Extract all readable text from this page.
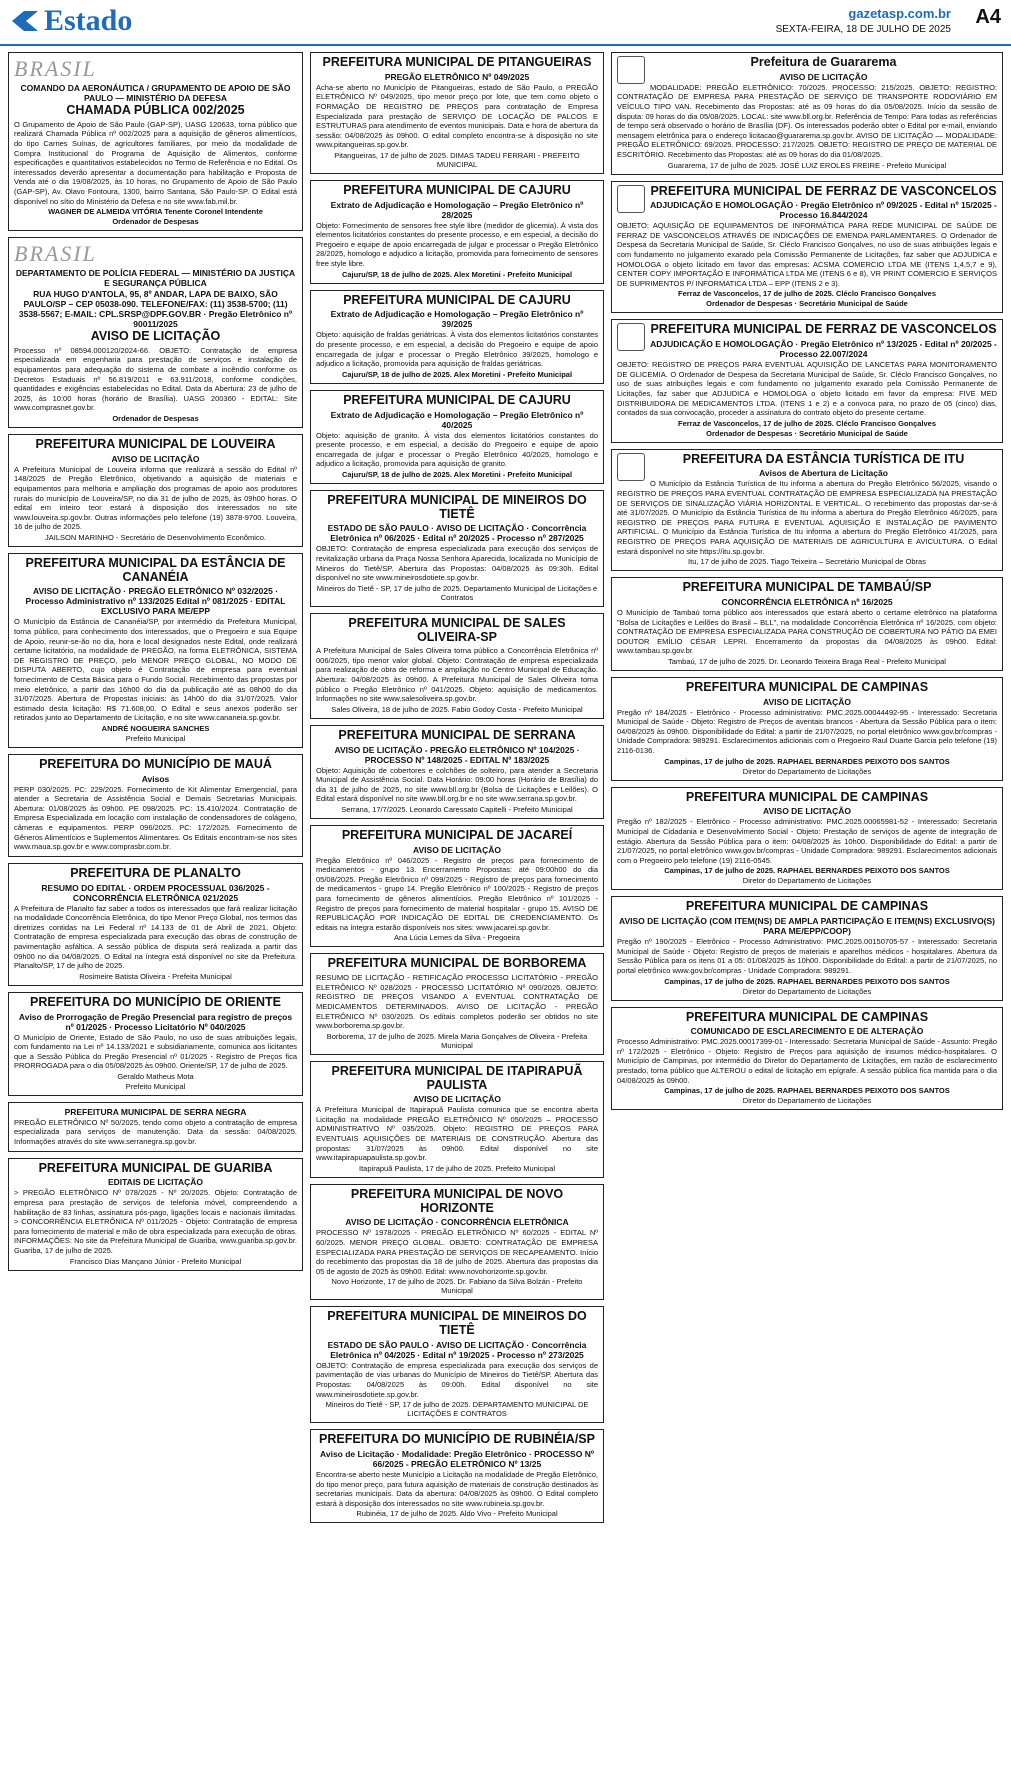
Estado	gazetasp.com.br
SEXTA-FEIRA, 18 DE JULHO DE 2025
A4
BRASIL
COMANDO DA AERONÁUTICA / GRUPAMENTO DE APOIO DE SÃO PAULO — MINISTÉRIO DA DEFESA
CHAMADA PÚBLICA 002/2025

O Grupamento de Apoio de São Paulo (GAP-SP), UASG 120633, torna público que realizará Chamada Pública nº 002/2025 para a aquisição de gêneros alimentícios, do tipo Carnes Suínas, de agricultores familiares, por meio da modalidade de Compra Institucional do Programa de Aquisição de Alimentos, conforme especificações e quantitativos estabelecidos no Termo de Referência e no Edital. Os interessados deverão apresentar a documentação para habilitação e Proposta de Venda até o dia 19/08/2025, às 10 horas, no Grupamento de Apoio de São Paulo (GAP-SP), Av. Olavo Fontoura, 1300, bairro Santana, São Paulo-SP. O Edital está disponível no sítio do Ministério da Defesa e no site www.fab.mil.br.

WAGNER DE ALMEIDA VITÓRIA Tenente Coronel Intendente
Ordenador de Despesas
BRASIL
DEPARTAMENTO DE POLÍCIA FEDERAL — MINISTÉRIO DA JUSTIÇA E SEGURANÇA PÚBLICA
RUA HUGO D'ANTOLA, 95, 8º ANDAR, LAPA DE BAIXO, SÃO PAULO/SP – CEP 05038-090. TELEFONE/FAX: (11) 3538-5700; (11) 3538-5567; E-MAIL: CPL.SRSP@DPF.GOV.BR · Pregão Eletrônico nº 90011/2025
AVISO DE LICITAÇÃO

Processo nº 08594.000120/2024-66. OBJETO: Contratação de empresa especializada em engenharia para prestação de serviços e instalação de equipamentos para adequação do sistema de combate a incêndio conforme os Decretos Estaduais nº 56.819/2011 e 63.911/2018, conforme condições, quantidades e exigências estabelecidas no Edital. Data da Abertura: 23 de julho de 2025, às 10:00 horas (horário de Brasília). UASG 200360 - EDITAL: Site www.comprasnet.gov.br.

Ordenador de Despesas
PREFEITURA MUNICIPAL DE LOUVEIRA
AVISO DE LICITAÇÃO

A Prefeitura Municipal de Louveira informa que realizará a sessão do Edital nº 148/2025 de Pregão Eletrônico, objetivando a aquisição de materiais e equipamentos para melhoria e ampliação dos programas de apoio aos produtores rurais do município de Louveira/SP, no dia 31 de julho de 2025, às 09h00 horas. O edital em inteiro teor estará à disposição dos interessados no site www.louveira.sp.gov.br. Outras informações pelo telefone (19) 3878-9700. Louveira, 16 de julho de 2025.

JAILSON MARINHO - Secretário de Desenvolvimento Econômico.
PREFEITURA MUNICIPAL DA ESTÂNCIA DE CANANÉIA
AVISO DE LICITAÇÃO · PREGÃO ELETRÔNICO Nº 032/2025 · Processo Administrativo nº 133/2025 Edital nº 081/2025 · EDITAL EXCLUSIVO PARA ME/EPP

O Município da Estância de Cananéia/SP, por intermédio da Prefeitura Municipal, torna público, para conhecimento dos interessados, que o Pregoeiro e sua Equipe de Apoio, reunir-se-ão no dia, hora e local designados neste Edital, onde realizará certame licitatório, na modalidade de PREGÃO, na forma ELETRÔNICA, SISTEMA DE REGISTRO DE PREÇO, pelo MENOR PREÇO GLOBAL, NO MODO DE DISPUTA ABERTO, cujo objeto é Contratação de empresa para eventual fornecimento de Cesta Básica para o Fundo Social. Recebimento das propostas por meio eletrônico, a partir das 16h00 do dia da publicação até as 08h00 do dia 31/07/2025. Abertura de Propostas iniciais: às 14h00 do dia 31/07/2025. Valor estimado desta licitação: R$ 71.608,00. O Edital e seus anexos poderão ser retirados junto ao Departamento de Licitação, e no site www.cananeia.sp.gov.br.

ANDRÉ NOGUEIRA SANCHES
Prefeito Municipal
PREFEITURA DO MUNICÍPIO DE MAUÁ
Avisos

PERP 030/2025. PC: 229/2025. Fornecimento de Kit Alimentar Emergencial, para atender a Secretaria de Assistência Social e Demais Secretarias Municipais. Abertura: 01/08/2025 às 09h00. PE 098/2025. PC: 15.410/2024. Contratação de Empresa Especializada em locação com instalação de condensadores de colágeno, câmeras e equipamentos. PERP 096/2025. PC: 172/2025. Fornecimento de Gêneros Alimentícios e Suplementos Alimentares. Os Editais encontram-se nos sites www.maua.sp.gov.br e www.comprasbr.com.br.

PREFEITURA DE PLANALTO
RESUMO DO EDITAL · ORDEM PROCESSUAL 036/2025 - CONCORRÊNCIA ELETRÔNICA 021/2025

A Prefeitura de Planalto faz saber a todos os interessados que fará realizar licitação na modalidade Concorrência Eletrônica, do tipo Menor Preço Global, nos termos das diretrizes contidas na Lei Federal nº 14.133 de 01 de Abril de 2021. Objeto: Contratação de empresa especializada para execução das obras de construção de pavimentação asfáltica. A sessão pública de disputa será realizada a partir das 09h00 no dia 04/08/2025. O Edital na íntegra está disponível no site da Prefeitura. Planalto/SP, 17 de julho de 2025.

Rosimeire Batista Oliveira - Prefeita Municipal
PREFEITURA DO MUNICÍPIO DE ORIENTE
Aviso de Prorrogação de Pregão Presencial para registro de preços nº 01/2025 · Processo Licitatório Nº 040/2025

O Município de Oriente, Estado de São Paulo, no uso de suas atribuições legais, com fundamento na Lei nº 14.133/2021 e subsidiariamente, comunica aos licitantes que a Sessão Pública do Pregão Presencial nº 01/2025 - Registro de Preços fica PRORROGADA para o dia 05/08/2025 às 09h00. Oriente/SP, 17 de julho de 2025.

Geraldo Matheus Mota
Prefeito Municipal
PREFEITURA MUNICIPAL DE SERRA NEGRA

PREGÃO ELETRÔNICO Nº 50/2025, tendo como objeto a contratação de empresa especializada para serviços de manutenção. Data da sessão: 04/08/2025. Informações através do site www.serranegra.sp.gov.br.

PREFEITURA MUNICIPAL DE GUARIBA
EDITAIS DE LICITAÇÃO

> PREGÃO ELETRÔNICO Nº 078/2025 - Nº 20/2025. Objeto: Contratação de empresa para prestação de serviços de telefonia móvel, compreendendo a habilitação de 83 linhas, assinatura pós-pago, ligações locais e nacionais ilimitadas. > CONCORRÊNCIA ELETRÔNICA Nº 011/2025 - Objeto: Contratação de empresa para fornecimento de material e mão de obra especializada para execução de obras. INFORMAÇÕES: No site da Prefeitura Municipal de Guariba, www.guariba.sp.gov.br. Guariba, 17 de julho de 2025.

Francisco Dias Mançano Júnior - Prefeito Municipal
PREFEITURA MUNICIPAL DE PITANGUEIRAS
PREGÃO ELETRÔNICO Nº 049/2025

Acha-se aberto no Município de Pitangueiras, estado de São Paulo, o PREGÃO ELETRÔNICO Nº 049/2025, tipo menor preço por lote, que tem como objeto o FORMAÇÃO DE REGISTRO DE PREÇOS para contratação de Empresa Especializada para prestação de SERVIÇO DE LOCAÇÃO DE PALCOS E ESTRUTURAS para atendimento de eventos municipais. Data e hora de abertura da sessão: 04/08/2025 às 09h00. O edital completo encontra-se à disposição no site www.pitangueiras.sp.gov.br.

Pitangueiras, 17 de julho de 2025. DIMAS TADEU FERRARI - PREFEITO MUNICIPAL
PREFEITURA MUNICIPAL DE CAJURU
Extrato de Adjudicação e Homologação – Pregão Eletrônico nº 28/2025

Objeto: Fornecimento de sensores free style libre (medidor de glicemia). À vista dos elementos licitatórios constantes do presente processo, e em especial, a decisão do Pregoeiro e equipe de apoio encarregada de julgar e processar o Pregão Eletrônico 28/2025, homologo e adjudico a licitação, promovida para fornecimento de sensores free style libre.

Cajuru/SP, 18 de julho de 2025. Alex Moretini - Prefeito Municipal
PREFEITURA MUNICIPAL DE CAJURU
Extrato de Adjudicação e Homologação – Pregão Eletrônico nº 39/2025

Objeto: aquisição de fraldas geriátricas. À vista dos elementos licitatórios constantes do presente processo, e em especial, a decisão do Pregoeiro e equipe de apoio encarregada de julgar e processar o Pregão Eletrônico 39/2025, homologo e adjudico a licitação, promovida para aquisição de fraldas geriátricas.

Cajuru/SP, 18 de julho de 2025. Alex Moretini - Prefeito Municipal
PREFEITURA MUNICIPAL DE CAJURU
Extrato de Adjudicação e Homologação – Pregão Eletrônico nº 40/2025

Objeto: aquisição de granito. À vista dos elementos licitatórios constantes do presente processo, e em especial, a decisão do Pregoeiro e equipe de apoio encarregada de julgar e processar o Pregão Eletrônico 40/2025, homologo e adjudico a licitação, promovida para aquisição de granito.

Cajuru/SP, 18 de julho de 2025. Alex Moretini - Prefeito Municipal
PREFEITURA MUNICIPAL DE MINEIROS DO TIETÊ
ESTADO DE SÃO PAULO · AVISO DE LICITAÇÃO · Concorrência Eletrônica nº 06/2025 · Edital nº 20/2025 - Processo nº 287/2025

OBJETO: Contratação de empresa especializada para execução dos serviços de revitalização urbana da Praça Nossa Senhora Aparecida, localizada no Município de Mineiros do Tietê/SP. Abertura das Propostas: 04/08/2025 às 09:30h. Edital disponível no site www.mineirosdotiete.sp.gov.br.

Mineiros do Tietê - SP, 17 de julho de 2025. Departamento Municipal de Licitações e Contratos
PREFEITURA MUNICIPAL DE SALES OLIVEIRA-SP

A Prefeitura Municipal de Sales Oliveira torna público a Concorrência Eletrônica nº 006/2025, tipo menor valor global. Objeto: Contratação de empresa especializada para realização de obra de reforma e ampliação no Centro Municipal de Educação. Abertura: 04/08/2025 às 09h00. A Prefeitura Municipal de Sales Oliveira torna público o Pregão Eletrônico nº 041/2025. Objeto: aquisição de medicamentos. Informações no site www.salesoliveira.sp.gov.br.

Sales Oliveira, 18 de julho de 2025. Fabio Godoy Costa - Prefeito Municipal
PREFEITURA MUNICIPAL DE SERRANA
AVISO DE LICITAÇÃO - PREGÃO ELETRÔNICO Nº 104/2025 · PROCESSO Nº 148/2025 - EDITAL Nº 183/2025

Objeto: Aquisição de cobertores e colchões de solteiro, para atender a Secretaria Municipal de Assistência Social. Data Horário: 09:00 horas (Horário de Brasília) do dia 31 de julho de 2025, no site www.bll.org.br (Bolsa de Licitações e Leilões). O Edital estará disponível no site www.bll.org.br e no site www.serrana.sp.gov.br.

Serrana, 17/7/2025. Leonardo Caressato Capitelli - Prefeito Municipal
PREFEITURA MUNICIPAL DE JACAREÍ
AVISO DE LICITAÇÃO

Pregão Eletrônico nº 046/2025 - Registro de preços para fornecimento de medicamentos - grupo 13. Encerramento Propostas: até 09:00h00 do dia 05/08/2025. Pregão Eletrônico nº 099/2025 - Registro de preços para fornecimento de medicamentos - grupo 14. Pregão Eletrônico nº 100/2025 - Registro de preços para fornecimento de gêneros alimentícios. Pregão Eletrônico nº 101/2025 - Registro de preços para fornecimento de material hospitalar - grupo 15. AVISO DE REPUBLICAÇÃO POR INDICAÇÃO DE EDITAL DE CREDENCIAMENTO. Os editais na íntegra estarão disponíveis nos sites: www.jacarei.sp.gov.br.

Ana Lúcia Lemes da Silva - Pregoeira
PREFEITURA MUNICIPAL DE BORBOREMA

RESUMO DE LICITAÇÃO - RETIFICAÇÃO PROCESSO LICITATÓRIO - PREGÃO ELETRÔNICO Nº 028/2025 - PROCESSO LICITATÓRIO Nº 090/2025. OBJETO: REGISTRO DE PREÇOS VISANDO A EVENTUAL CONTRATAÇÃO DE MEDICAMENTOS DETERMINADOS. AVISO DE LICITAÇÃO - PREGÃO ELETRÔNICO Nº 030/2025. Os editais completos poderão ser obtidos no site www.borborema.sp.gov.br.

Borborema, 17 de julho de 2025. Mirela Maria Gonçalves de Oliveira - Prefeita Municipal
PREFEITURA MUNICIPAL DE ITAPIRAPUÃ PAULISTA
AVISO DE LICITAÇÃO

A Prefeitura Municipal de Itapirapuã Paulista comunica que se encontra aberta Licitação na modalidade PREGÃO ELETRÔNICO Nº 050/2025 – PROCESSO ADMINISTRATIVO Nº 035/2025. Objeto: REGISTRO DE PREÇOS PARA EVENTUAIS AQUISIÇÕES DE MATERIAIS DE CONSTRUÇÃO. Abertura das propostas: 31/07/2025 às 09h00. Edital disponível no site www.itapirapuapaulista.sp.gov.br.

Itapirapuã Paulista, 17 de julho de 2025. Prefeito Municipal
PREFEITURA MUNICIPAL DE NOVO HORIZONTE
AVISO DE LICITAÇÃO · CONCORRÊNCIA ELETRÔNICA

PROCESSO Nº 1978/2025 - PREGÃO ELETRÔNICO Nº 60/2025 - EDITAL Nº 60/2025. MENOR PREÇO GLOBAL. OBJETO: CONTRATAÇÃO DE EMPRESA ESPECIALIZADA PARA PRESTAÇÃO DE SERVIÇOS DE RECAPEAMENTO. Início do recebimento das propostas dia 18 de julho de 2025. Abertura das propostas dia 05 de agosto de 2025 às 09h00. Edital: www.novohorizonte.sp.gov.br.

Novo Horizonte, 17 de julho de 2025. Dr. Fabiano da Silva Bolzán - Prefeito Municipal
PREFEITURA MUNICIPAL DE MINEIROS DO TIETÊ
ESTADO DE SÃO PAULO · AVISO DE LICITAÇÃO · Concorrência Eletrônica nº 04/2025 · Edital nº 19/2025 - Processo nº 273/2025

OBJETO: Contratação de empresa especializada para execução dos serviços de pavimentação de vias urbanas do Município de Mineiros do Tietê/SP. Abertura das Propostas: 04/08/2025 às 09:00h. Edital disponível no site www.mineirosdotiete.sp.gov.br.

Mineiros do Tietê - SP, 17 de julho de 2025. DEPARTAMENTO MUNICIPAL DE LICITAÇÕES E CONTRATOS
PREFEITURA DO MUNICÍPIO DE RUBINÉIA/SP
Aviso de Licitação · Modalidade: Pregão Eletrônico · PROCESSO Nº 66/2025 - PREGÃO ELETRÔNICO Nº 13/25

Encontra-se aberto neste Município a Licitação na modalidade de Pregão Eletrônico, do tipo menor preço, para futura aquisição de materiais de construção destinados às secretarias municipais. Data da abertura: 04/08/2025 às 09h00. O Edital completo estará à disposição dos interessados no site www.rubineia.sp.gov.br.

Rubinéia, 17 de julho de 2025. Aldo Vivo - Prefeito Municipal
Prefeitura de Guararema
AVISO DE LICITAÇÃO

MODALIDADE: PREGÃO ELETRÔNICO: 70/2025. PROCESSO: 215/2025. OBJETO: REGISTRO: CONTRATAÇÃO DE EMPRESA PARA PRESTAÇÃO DE SERVIÇO DE TRANSPORTE RODOVIÁRIO EM VEÍCULO TIPO VAN. Recebimento das Propostas: até as 09 horas do dia 05/08/2025. Início da sessão de disputa: 09 horas do dia 05/08/2025. LOCAL: site www.bll.org.br. Referência de Tempo: Para todas as referências de tempo será observado o horário de Brasília (DF). Os interessados poderão obter o Edital por e-mail, enviando mensagem eletrônica para o endereço licitacao@guararema.sp.gov.br. AVISO DE LICITAÇÃO — MODALIDADE: PREGÃO ELETRÔNICO: 69/2025. PROCESSO: 217/2025. OBJETO: REGISTRO DE PREÇO DE MATERIAL DE ESCRITÓRIO. Recebimento das Propostas: até as 09 horas do dia 01/08/2025.

Guararema, 17 de julho de 2025. JOSÉ LUIZ EROLES FREIRE - Prefeito Municipal
PREFEITURA MUNICIPAL DE FERRAZ DE VASCONCELOS
ADJUDICAÇÃO E HOMOLOGAÇÃO · Pregão Eletrônico nº 09/2025 - Edital nº 15/2025 - Processo 16.844/2024

OBJETO: AQUISIÇÃO DE EQUIPAMENTOS DE INFORMÁTICA PARA REDE MUNICIPAL DE SAÚDE DE FERRAZ DE VASCONCELOS ATRAVÉS DE INDICAÇÕES DE EMENDA PARLAMENTARES. O Ordenador de Despesa da Secretaria Municipal de Saúde, Sr. Cléclo Francisco Gonçalves, no uso de suas atribuições legais e com fundamento no julgamento exarado pela Comissão Permanente de Licitações, faz saber que ADJUDICA e HOMOLOGA o objeto licitado em favor das empresas: ACSMA COMERCIO LTDA ME (ITENS 1,4,5,7 e 9), CENTER COPY IMPORTAÇÃO E INFORMÁTICA LTDA ME (ITENS 6 e 8), VR PRINT COMERCIO E SERVIÇOS DE SUPRIMENTOS P/ INFORMATICA LTDA – EPP (ITENS 2 e 3).

Ferraz de Vasconcelos, 17 de julho de 2025. Cléclo Francisco Gonçalves
Ordenador de Despesas · Secretário Municipal de Saúde
PREFEITURA MUNICIPAL DE FERRAZ DE VASCONCELOS
ADJUDICAÇÃO E HOMOLOGAÇÃO · Pregão Eletrônico nº 13/2025 - Edital nº 20/2025 - Processo 22.007/2024

OBJETO: REGISTRO DE PREÇOS PARA EVENTUAL AQUISIÇÃO DE LANCETAS PARA MONITORAMENTO DE GLICEMIA. O Ordenador de Despesa da Secretaria Municipal de Saúde, Sr. Cléclo Francisco Gonçalves, no uso de suas atribuições legais e com fundamento no julgamento exarado pela Comissão Permanente de Licitações, faz saber que ADJUDICA e HOMOLOGA o objeto licitado em favor da empresa: FIVE MED DISTRIBUIDORA DE MEDICAMENTOS LTDA. (ITENS 1 e 2) e a convoca para, no prazo de 05 (cinco) dias, contados da sua convocação, proceder a assinatura do contrato objeto do presente certame.

Ferraz de Vasconcelos, 17 de julho de 2025. Cléclo Francisco Gonçalves
Ordenador de Despesas · Secretário Municipal de Saúde
PREFEITURA DA ESTÂNCIA TURÍSTICA DE ITU
Avisos de Abertura de Licitação

O Município da Estância Turística de Itu informa a abertura do Pregão Eletrônico 56/2025, visando o REGISTRO DE PREÇOS PARA EVENTUAL CONTRATAÇÃO DE EMPRESA ESPECIALIZADA NA PRESTAÇÃO DE SERVIÇOS DE SINALIZAÇÃO VIÁRIA HORIZONTAL E VERTICAL. O recebimento das propostas dar-se-á até 31/07/2025. O Município da Estância Turística de Itu informa a abertura do Pregão Eletrônico 46/2025, para REGISTRO DE PREÇOS PARA FUTURA E EVENTUAL AQUISIÇÃO E INSTALAÇÃO DE PAVIMENTO ARTIFICIAL. O Município da Estância Turística de Itu informa a abertura do Pregão Eletrônico 41/2025, para REGISTRO DE PREÇOS PARA AQUISIÇÃO DE MATERIAIS DE AGRICULTURA E AVICULTURA. O Edital estará disponível no site https://itu.sp.gov.br.

Itu, 17 de julho de 2025. Tiago Teixeira – Secretário Municipal de Obras
PREFEITURA MUNICIPAL DE TAMBAÚ/SP
CONCORRÊNCIA ELETRÔNICA nº 16/2025

O Município de Tambaú torna público aos interessados que estará aberto o certame eletrônico na plataforma "Bolsa de Licitações e Leilões do Brasil – BLL", na modalidade Concorrência Eletrônica nº 16/2025, com objeto: CONTRATAÇÃO DE EMPRESA ESPECIALIZADA PARA CONSTRUÇÃO DE COBERTURA NO PÁTIO DA EMEI DOUTOR EMÍLIO CÉSAR LEPRI. Encerramento da propostas dia 04/08/2025 às 09h00. Edital: www.tambau.sp.gov.br.

Tambaú, 17 de julho de 2025. Dr. Leonardo Teixeira Braga Real - Prefeito Municipal
PREFEITURA MUNICIPAL DE CAMPINAS
AVISO DE LICITAÇÃO

Pregão nº 184/2025 - Eletrônico - Processo administrativo: PMC.2025.00044492-95 - Interessado: Secretaria Municipal de Saúde - Objeto: Registro de Preços de aventais brancos - Abertura da Sessão Pública para o item: 04/08/2025 às 09h00. Disponibilidade do Edital: a partir de 21/07/2025, no portal eletrônico www.gov.br/compras - Unidade Compradora: 989291. Esclarecimentos adicionais com o Pregoeiro Raul Duarte Garcia pelo telefone (19) 2116-0136.

Campinas, 17 de julho de 2025. RAPHAEL BERNARDES PEIXOTO DOS SANTOS
Diretor do Departamento de Licitações
PREFEITURA MUNICIPAL DE CAMPINAS
AVISO DE LICITAÇÃO

Pregão nº 182/2025 - Eletrônico - Processo administrativo: PMC.2025.00065981-52 - Interessado: Secretaria Municipal de Cidadania e Desenvolvimento Social - Objeto: Prestação de serviços de agente de integração de estágio. Abertura da Sessão Pública para o item: 04/08/2025 às 10h00. Disponibilidade do Edital: a partir de 21/07/2025, no portal eletrônico www.gov.br/compras - Unidade Compradora: 989291. Esclarecimentos adicionais com o Pregoeiro pelo telefone (19) 2116-0545.

Campinas, 17 de julho de 2025. RAPHAEL BERNARDES PEIXOTO DOS SANTOS
Diretor do Departamento de Licitações
PREFEITURA MUNICIPAL DE CAMPINAS
AVISO DE LICITAÇÃO (COM ITEM(NS) DE AMPLA PARTICIPAÇÃO E ITEM(NS) EXCLUSIVO(S) PARA ME/EPP/COOP)

Pregão nº 190/2025 - Eletrônico - Processo Administrativo: PMC.2025.00150705-57 - Interessado: Secretaria Municipal de Saúde - Objeto: Registro de preços de materiais e aparelhos médicos - hospitalares. Abertura da Sessão Pública para os itens 01 a 05: 01/08/2025 às 10h00. Disponibilidade do Edital: a partir de 21/07/2025, no portal eletrônico www.gov.br/compras - Unidade Compradora: 989291.

Campinas, 17 de julho de 2025. RAPHAEL BERNARDES PEIXOTO DOS SANTOS
Diretor do Departamento de Licitações
PREFEITURA MUNICIPAL DE CAMPINAS
COMUNICADO DE ESCLARECIMENTO E DE ALTERAÇÃO

Processo Administrativo: PMC.2025.00017399-01 - Interessado: Secretaria Municipal de Saúde - Assunto: Pregão nº 172/2025 - Eletrônico - Objeto: Registro de Preços para aquisição de insumos médico-hospitalares. O Município de Campinas, por intermédio do Diretor do Departamento de Licitações, em razão de esclarecimento prestado, torna público que ALTEROU o edital de licitação em epígrafe. A sessão pública fica mantida para o dia 04/08/2025 às 09h00.

Campinas, 17 de julho de 2025. RAPHAEL BERNARDES PEIXOTO DOS SANTOS
Diretor do Departamento de Licitações
